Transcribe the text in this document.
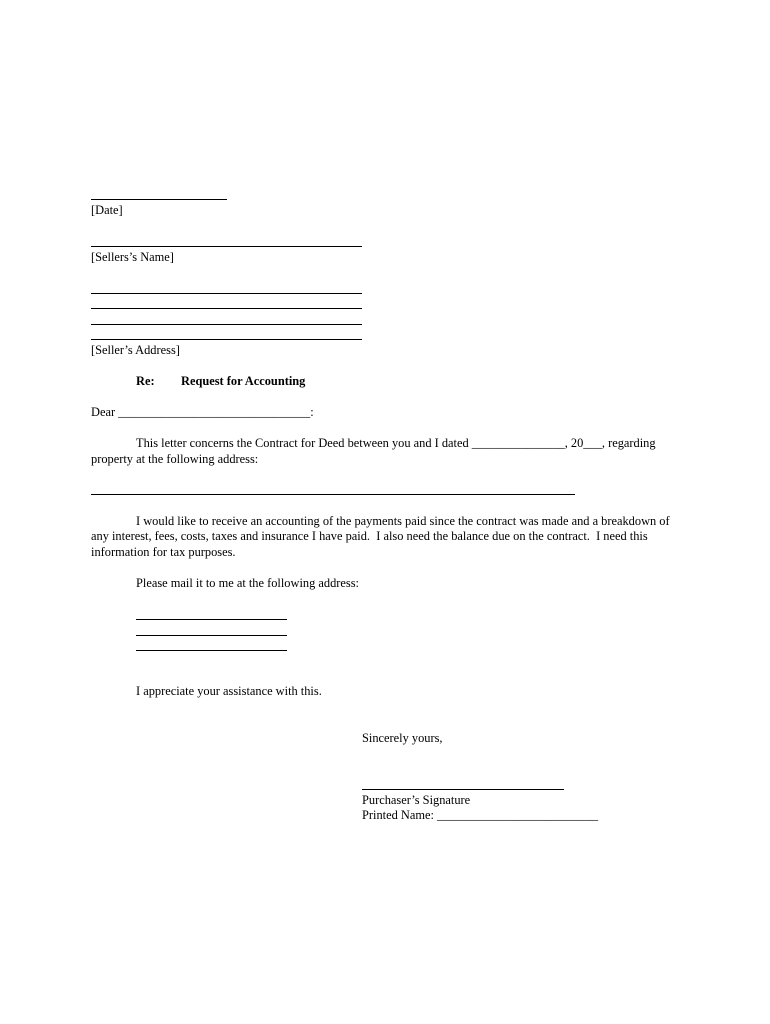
[Date]
[Sellers’s Name]
[Seller’s Address]
Re: Request for Accounting
Dear _______________________________:
This letter concerns the Contract for Deed between you and I dated _______________, 20___, regarding
property at the following address:
I would like to receive an accounting of the payments paid since the contract was made and a breakdown of
any interest, fees, costs, taxes and insurance I have paid.  I also need the balance due on the contract.  I need this
information for tax purposes.
Please mail it to me at the following address:
I appreciate your assistance with this.
Sincerely yours,
Purchaser’s Signature
Printed Name: __________________________
